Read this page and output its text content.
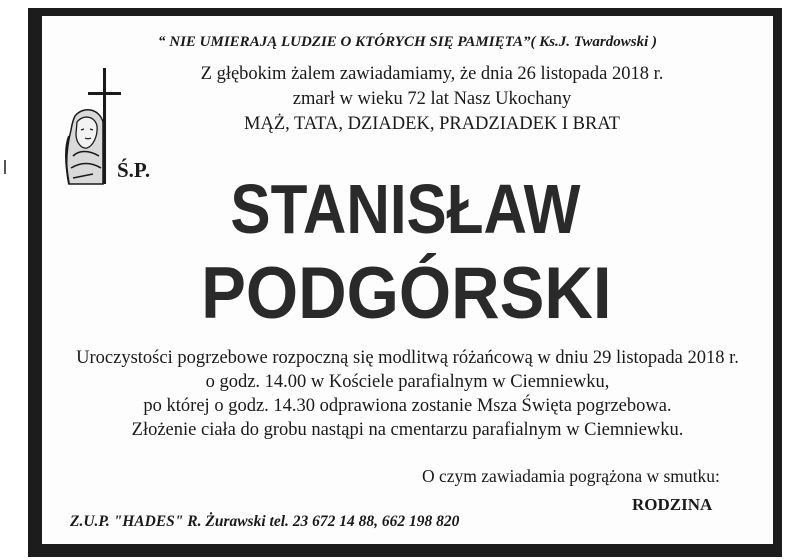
“ NIE UMIERAJĄ LUDZIE O KTÓRYCH SIĘ PAMIĘTA”( Ks.J. Twardowski )
Z głębokim żalem zawiadamiamy, że dnia 26 listopada 2018 r.
zmarł w wieku 72 lat Nasz Ukochany
MĄŻ, TATA, DZIADEK, PRADZIADEK I BRAT
Ś.P.	STANISŁAW
PODGÓRSKI
Uroczystości pogrzebowe rozpoczną się modlitwą różańcową w dniu 29 listopada 2018 r.
o godz. 14.00 w Kościele parafialnym w Ciemniewku,
po której o godz. 14.30 odprawiona zostanie Msza Święta pogrzebowa.
Złożenie ciała do grobu nastąpi na cmentarzu parafialnym w Ciemniewku.
O czym zawiadamia pogrążona w smutku:
RODZINA
Z.U.P. "HADES" R. Żurawski tel. 23 672 14 88, 662 198 820
